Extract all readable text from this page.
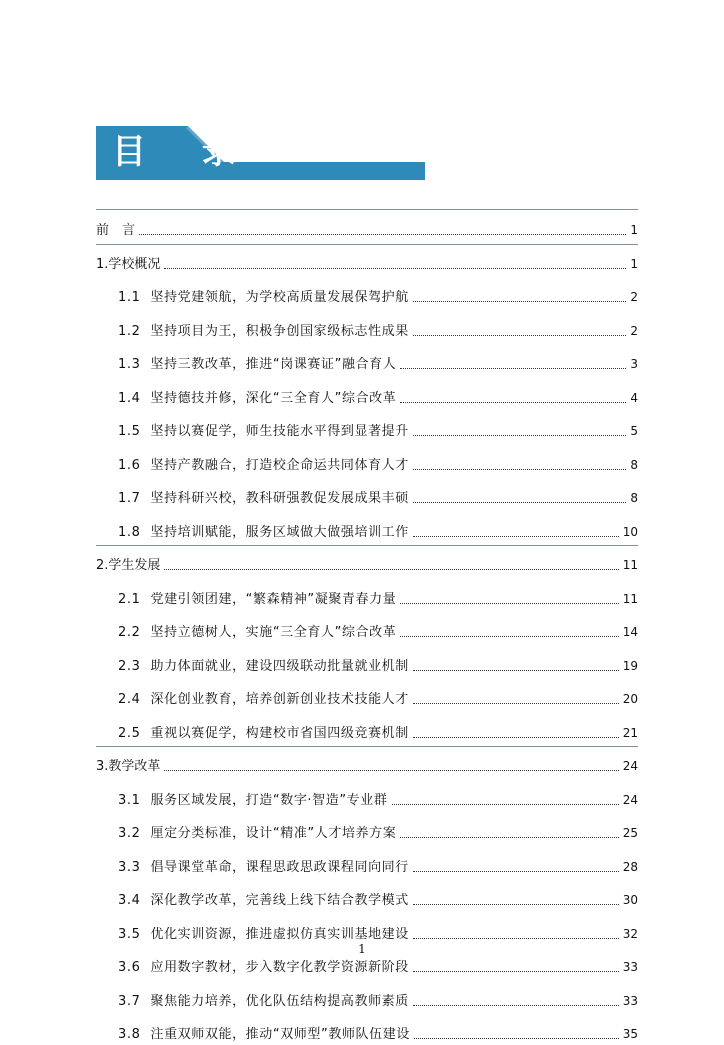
目 录
前　言	1
1.学校概况	1
1.1 坚持党建领航，为学校高质量发展保驾护航	2
1.2 坚持项目为王，积极争创国家级标志性成果	2
1.3 坚持三教改革，推进“岗课赛证”融合育人	3
1.4 坚持德技并修，深化“三全育人”综合改革	4
1.5 坚持以赛促学，师生技能水平得到显著提升	5
1.6 坚持产教融合，打造校企命运共同体育人才	8
1.7 坚持科研兴校，教科研强教促发展成果丰硕	8
1.8 坚持培训赋能，服务区域做大做强培训工作	10
2.学生发展	11
2.1 党建引领团建，“繁森精神”凝聚青春力量	11
2.2 坚持立德树人，实施“三全育人”综合改革	14
2.3 助力体面就业，建设四级联动批量就业机制	19
2.4 深化创业教育，培养创新创业技术技能人才	20
2.5 重视以赛促学，构建校市省国四级竞赛机制	21
3.教学改革	24
3.1 服务区域发展，打造“数字·智造”专业群	24
3.2 厘定分类标准，设计“精准”人才培养方案	25
3.3 倡导课堂革命，课程思政思政课程同向同行	28
3.4 深化教学改革，完善线上线下结合教学模式	30
3.5 优化实训资源，推进虚拟仿真实训基地建设	32
3.6 应用数字教材，步入数字化教学资源新阶段	33
3.7 聚焦能力培养，优化队伍结构提高教师素质	33
3.8 注重双师双能，推动“双师型”教师队伍建设	35
1
